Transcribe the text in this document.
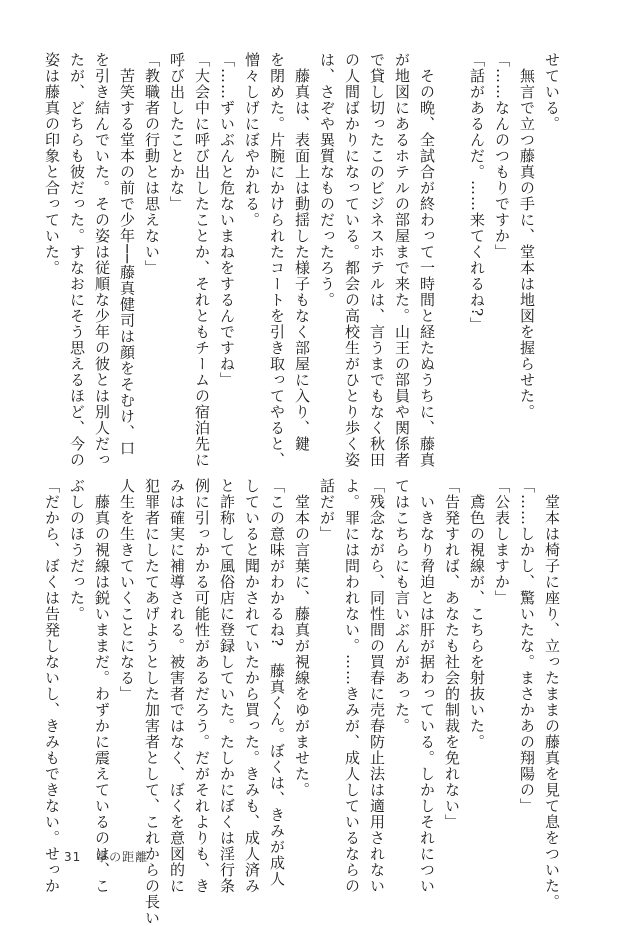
せている。

　無言で立つ藤真の手に、堂本は地図を握らせた。

「……なんのつもりですか」

「話があるんだ。……来てくれるね?」

　その晩、全試合が終わって一時間と経たぬうちに、藤真

が地図にあるホテルの部屋まで来た。山王の部員や関係者

で貸し切ったこのビジネスホテルは、言うまでもなく秋田

の人間ばかりになっている。都会の高校生がひとり歩く姿

は、さぞや異質なものだったろう。

　藤真は、表面上は動揺した様子もなく部屋に入り、鍵

を閉めた。片腕にかけられたコートを引き取ってやると、

憎々しげにぼやかれる。

「……ずいぶんと危ないまねをするんですね」

「大会中に呼び出したことか、それともチームの宿泊先に

呼び出したことかな」

「教職者の行動とは思えない」

　苦笑する堂本の前で少年──藤真健司は顔をそむけ、口

を引き結んでいた。その姿は従順な少年の彼とは別人だっ

たが、どちらも彼だった。すなおにそう思えるほど、今の

姿は藤真の印象と合っていた。

　堂本は椅子に座り、立ったままの藤真を見て息をついた。

「……しかし、驚いたな。まさかあの翔陽の」

「公表しますか」

　鳶色の視線が、こちらを射抜いた。

「告発すれば、あなたも社会的制裁を免れない」

　いきなり脅迫とは肝が据わっている。しかしそれについ

てはこちらにも言いぶんがあった。

「残念ながら、同性間の買春に売春防止法は適用されない

よ。罪には問われない。……きみが、成人しているならの

話だが」

　堂本の言葉に、藤真が視線をゆがませた。

「この意味がわかるね?　藤真くん。ぼくは、きみが成人

していると聞かされていたから買った。きみも、成人済み

と詐称して風俗店に登録していた。たしかにぼくは淫行条

例に引っかかる可能性があるだろう。だがそれよりも、き

みは確実に補導される。被害者ではなく、ぼくを意図的に

犯罪者にしたてあげようとした加害者として、これからの長い

人生を生きていくことになる」

　藤真の視線は鋭いままだ。わずかに震えているのは、こ

ぶしのほうだった。

「だから、ぼくは告発しないし、きみもできない。せっか 31 掌の距離
